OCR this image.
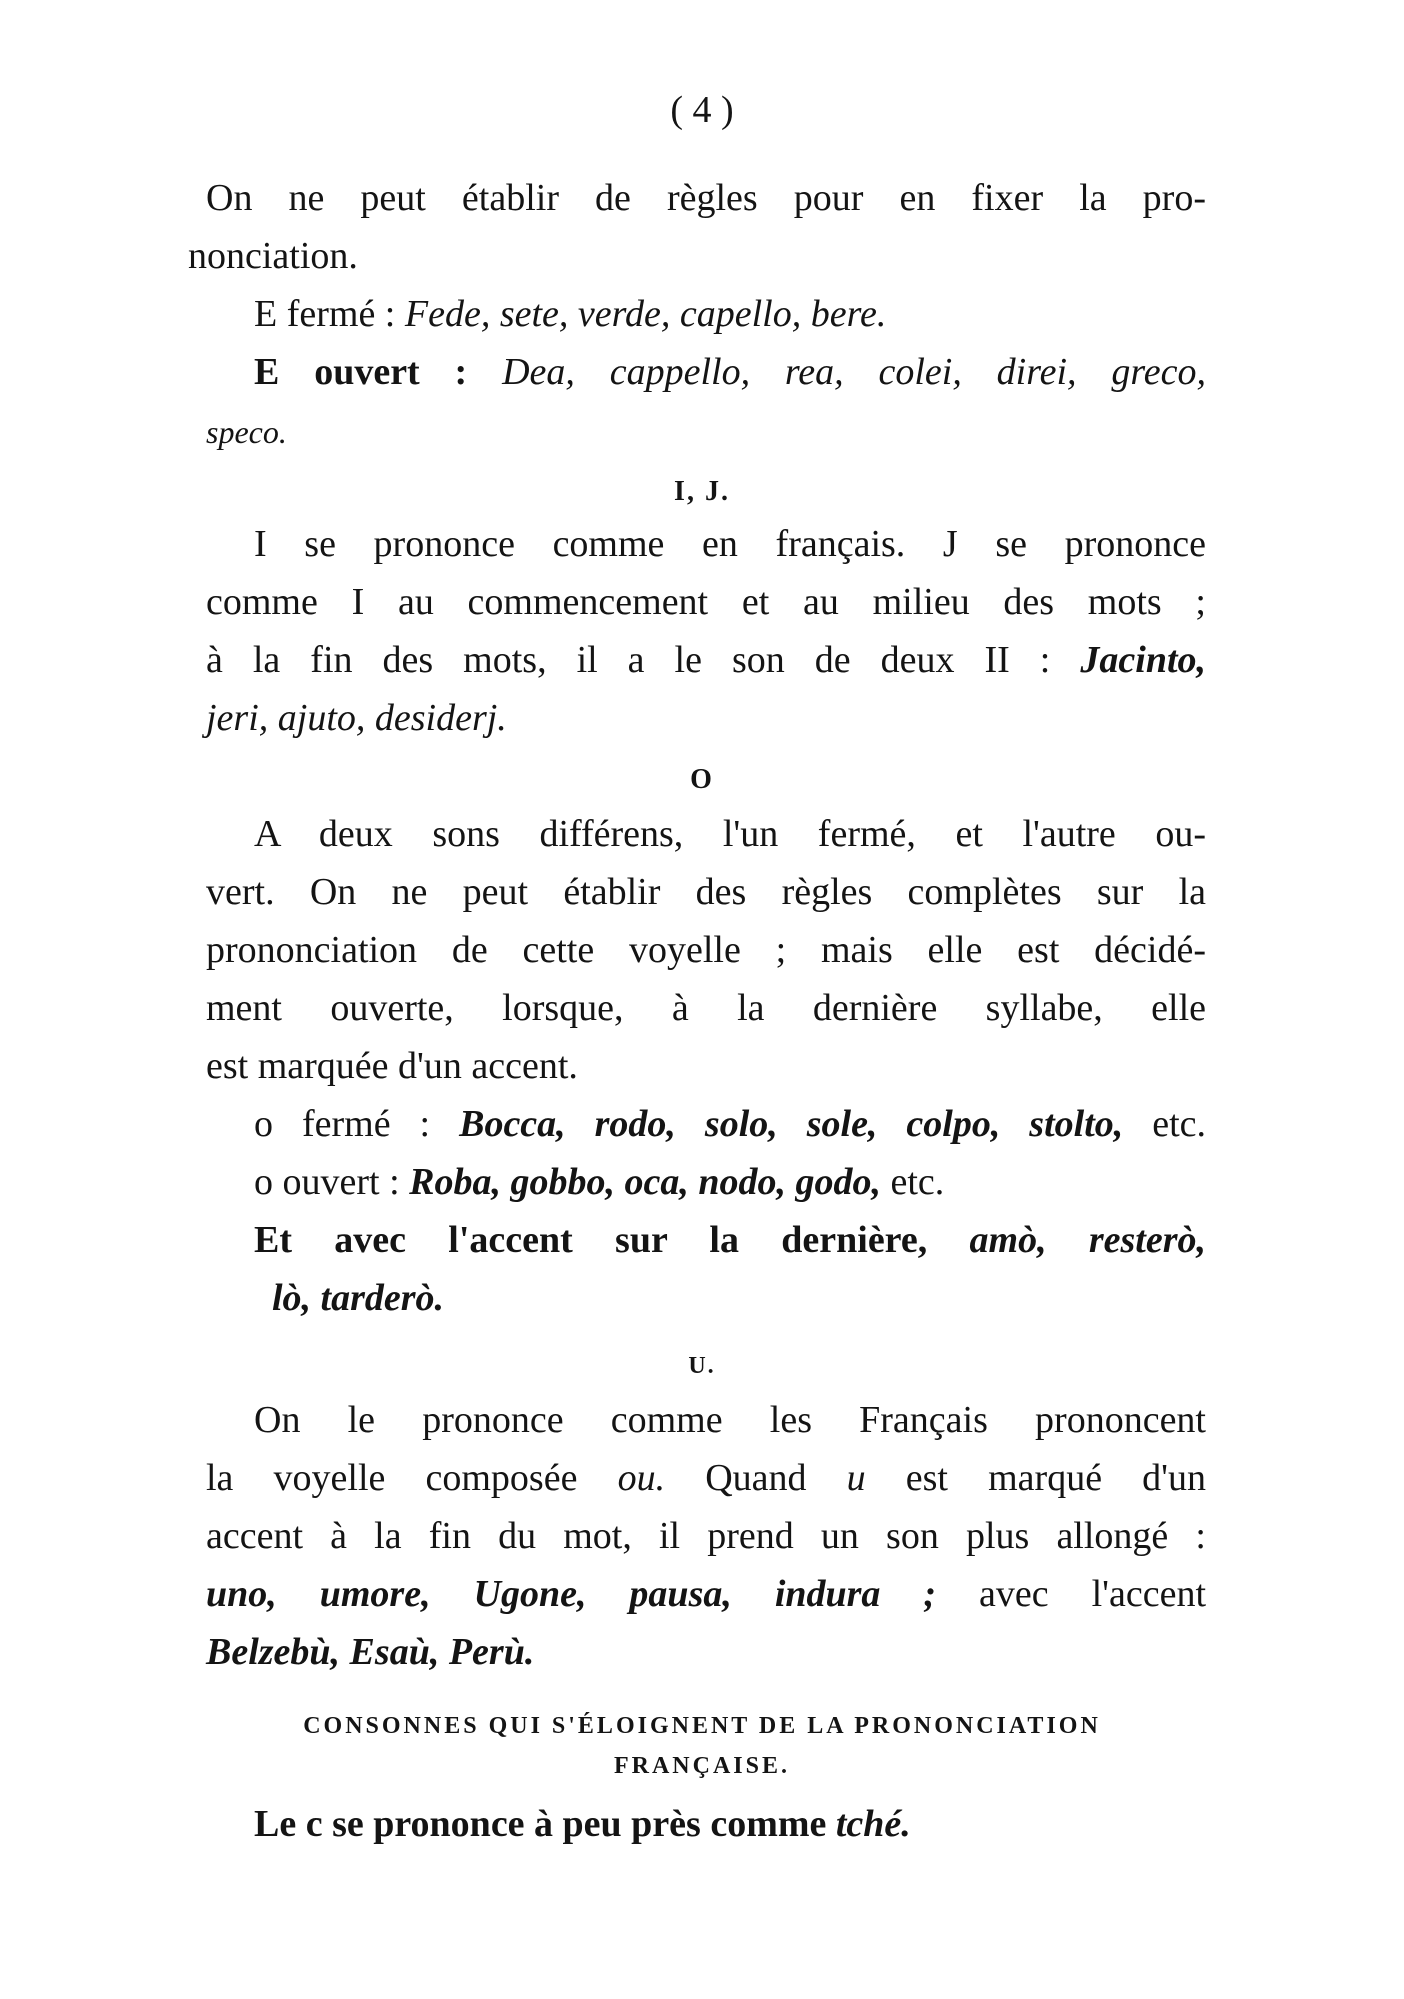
( 4 )
On ne peut établir de règles pour en fixer la pro-
nonciation.
E fermé : Fede, sete, verde, capello, bere.
E ouvert : Dea, cappello, rea, colei, direi, greco,
speco.
I, J.
I se prononce comme en français. J se prononce
comme I au commencement et au milieu des mots ;
à la fin des mots, il a le son de deux II : Jacinto,
jeri, ajuto, desiderj.
O
A deux sons différens, l'un fermé, et l'autre ou-
vert. On ne peut établir des règles complètes sur la
prononciation de cette voyelle ; mais elle est décidé-
ment ouverte, lorsque, à la dernière syllabe, elle
est marquée d'un accent.
o fermé : Bocca, rodo, solo, sole, colpo, stolto, etc.
o ouvert : Roba, gobbo, oca, nodo, godo, etc.
Et avec l'accent sur la dernière, amò, resterò,
lò, tarderò.
U.
On le prononce comme les Français prononcent
la voyelle composée ou. Quand u est marqué d'un
accent à la fin du mot, il prend un son plus allongé :
uno, umore, Ugone, pausa, indura ; avec l'accent
Belzebù, Esaù, Perù.
CONSONNES QUI S'ÉLOIGNENT DE LA PRONONCIATION
FRANÇAISE.
Le c se prononce à peu près comme tché.
